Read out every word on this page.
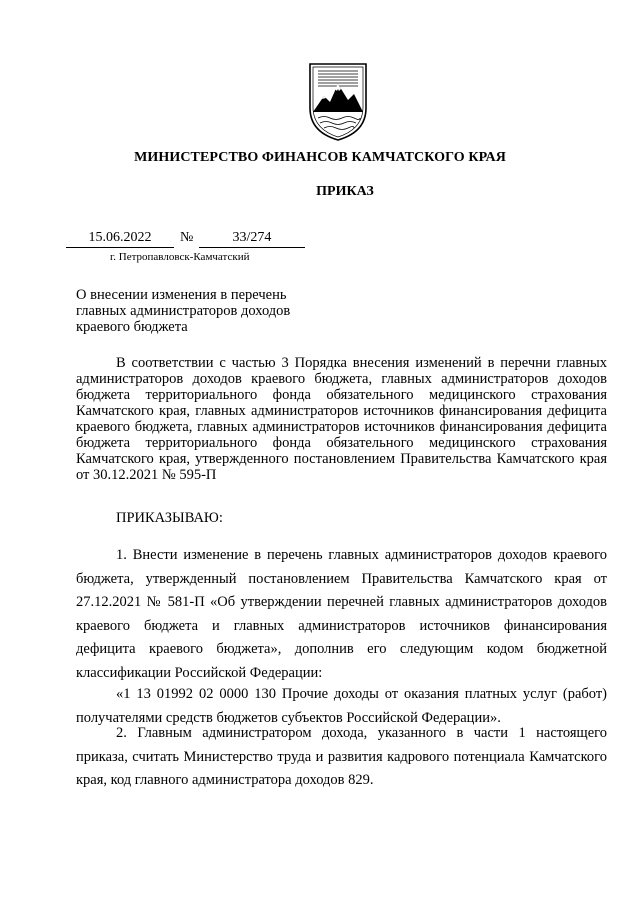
МИНИСТЕРСТВО ФИНАНСОВ КАМЧАТСКОГО КРАЯ
ПРИКАЗ
15.06.2022	№	33/274
г. Петропавловск-Камчатский
О внесении изменения в перечень главных администраторов доходов краевого бюджета

В соответствии с частью 3 Порядка внесения изменений в перечни главных администраторов доходов краевого бюджета, главных администраторов доходов бюджета территориального фонда обязательного медицинского страхования Камчатского края, главных администраторов источников финансирования дефицита краевого бюджета, главных администраторов источников финансирования дефицита бюджета территориального фонда обязательного медицинского страхования Камчатского края, утвержденного постановлением Правительства Камчатского края от 30.12.2021 № 595-П

ПРИКАЗЫВАЮ:

1. Внести изменение в перечень главных администраторов доходов краевого бюджета, утвержденный постановлением Правительства Камчатского края от 27.12.2021 № 581-П «Об утверждении перечней главных администраторов доходов краевого бюджета и главных администраторов источников финансирования дефицита краевого бюджета», дополнив его следующим кодом бюджетной классификации Российской Федерации:

«1 13 01992 02 0000 130 Прочие доходы от оказания платных услуг (работ) получателями средств бюджетов субъектов Российской Федерации».

2. Главным администратором дохода, указанного в части 1 настоящего приказа, считать Министерство труда и развития кадрового потенциала Камчатского края, код главного администратора доходов 829.
